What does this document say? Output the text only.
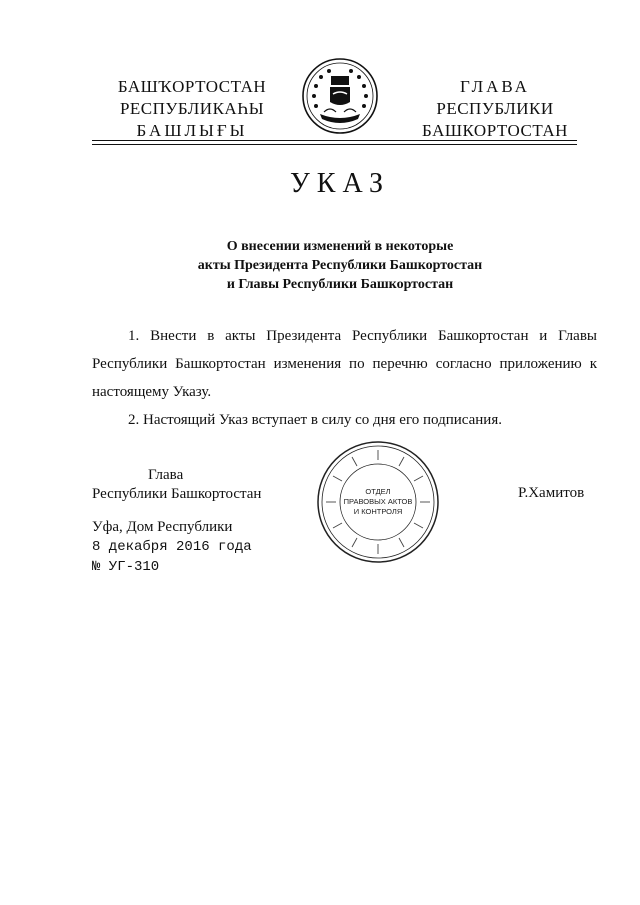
БАШҠОРТОСТАН
РЕСПУБЛИКАҺЫ
БАШЛЫҒЫ
ГЛАВА
РЕСПУБЛИКИ
БАШКОРТОСТАН
УКАЗ
О внесении изменений в некоторые
акты Президента Республики Башкортостан
и Главы Республики Башкортостан

1. Внести в акты Президента Республики Башкортостан и Главы Республики Башкортостан изменения по перечню согласно приложению к настоящему Указу.

2. Настоящий Указ вступает в силу со дня его подписания.

Глава
Республики Башкортостан	ОТДЕЛ
ПРАВОВЫХ АКТОВ
И КОНТРОЛЯ
Р.Хамитов
Уфа, Дом Республики
8 декабря 2016 года
№ УГ-310
